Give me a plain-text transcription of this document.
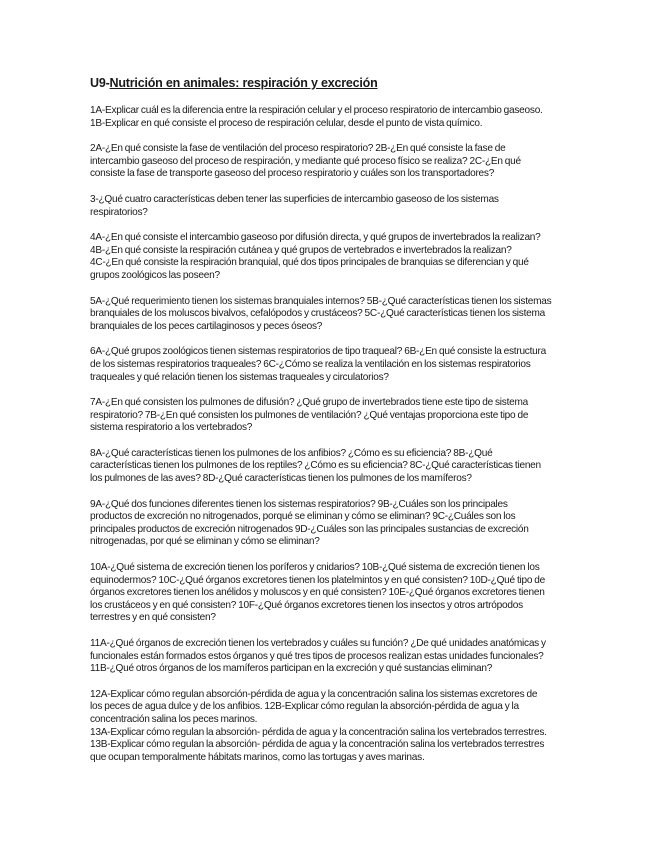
U9-Nutrición en animales: respiración y excreción
1A-Explicar cuál es la diferencia entre la respiración celular y el proceso respiratorio de intercambio gaseoso.
1B-Explicar en qué consiste el proceso de respiración celular, desde el punto de vista químico.
2A-¿En qué consiste la fase de ventilación del proceso respiratorio? 2B-¿En qué consiste la fase de
intercambio gaseoso del proceso de respiración, y mediante qué proceso físico se realiza? 2C-¿En qué
consiste la fase de transporte gaseoso del proceso respiratorio y cuáles son los transportadores?
3-¿Qué cuatro características deben tener las superficies de intercambio gaseoso de los sistemas
respiratorios?
4A-¿En qué consiste el intercambio gaseoso por difusión directa, y qué grupos de invertebrados la realizan?
4B-¿En qué consiste la respiración cutánea y qué grupos de vertebrados e invertebrados la realizan?
4C-¿En qué consiste la respiración branquial, qué dos tipos principales de branquias se diferencian y qué
grupos zoológicos las poseen?
5A-¿Qué requerimiento tienen los sistemas branquiales internos? 5B-¿Qué características tienen los sistemas
branquiales de los moluscos bivalvos, cefalópodos y crustáceos? 5C-¿Qué características tienen los sistema
branquiales de los peces cartilaginosos y peces óseos?
6A-¿Qué grupos zoológicos tienen sistemas respiratorios de tipo traqueal? 6B-¿En qué consiste la estructura
de los sistemas respiratorios traqueales? 6C-¿Cómo se realiza la ventilación en los sistemas respiratorios
traqueales y qué relación tienen los sistemas traqueales y circulatorios?
7A-¿En qué consisten los pulmones de difusión? ¿Qué grupo de invertebrados tiene este tipo de sistema
respiratorio? 7B-¿En qué consisten los pulmones de ventilación? ¿Qué ventajas proporciona este tipo de
sistema respiratorio a los vertebrados?
8A-¿Qué características tienen los pulmones de los anfibios? ¿Cómo es su eficiencia? 8B-¿Qué
características tienen los pulmones de los reptiles? ¿Cómo es su eficiencia? 8C-¿Qué características tienen
los pulmones de las aves? 8D-¿Qué características tienen los pulmones de los mamíferos?
9A-¿Qué dos funciones diferentes tienen los sistemas respiratorios? 9B-¿Cuáles son los principales
productos de excreción no nitrogenados, porqué se eliminan y cómo se eliminan? 9C-¿Cuáles son los
principales productos de excreción nitrogenados 9D-¿Cuáles son las principales sustancias de excreción
nitrogenadas, por qué se eliminan y cómo se eliminan?
10A-¿Qué sistema de excreción tienen los poríferos y cnidarios? 10B-¿Qué sistema de excreción tienen los
equinodermos? 10C-¿Qué órganos excretores tienen los platelmintos y en qué consisten? 10D-¿Qué tipo de
órganos excretores tienen los anélidos y moluscos y en qué consisten? 10E-¿Qué órganos excretores tienen
los crustáceos y en qué consisten? 10F-¿Qué órganos excretores tienen los insectos y otros artrópodos
terrestres y en qué consisten?
11A-¿Qué órganos de excreción tienen los vertebrados y cuáles su función? ¿De qué unidades anatómicas y
funcionales están formados estos órganos y qué tres tipos de procesos realizan estas unidades funcionales?
11B-¿Qué otros órganos de los mamíferos participan en la excreción y qué sustancias eliminan?
12A-Explicar cómo regulan absorción-pérdida de agua y la concentración salina los sistemas excretores de
los peces de agua dulce y de los anfibios. 12B-Explicar cómo regulan la absorción-pérdida de agua y la
concentración salina los peces marinos.
13A-Explicar cómo regulan la absorción- pérdida de agua y la concentración salina los vertebrados terrestres.
13B-Explicar cómo regulan la absorción- pérdida de agua y la concentración salina los vertebrados terrestres
que ocupan temporalmente hábitats marinos, como las tortugas y aves marinas.
